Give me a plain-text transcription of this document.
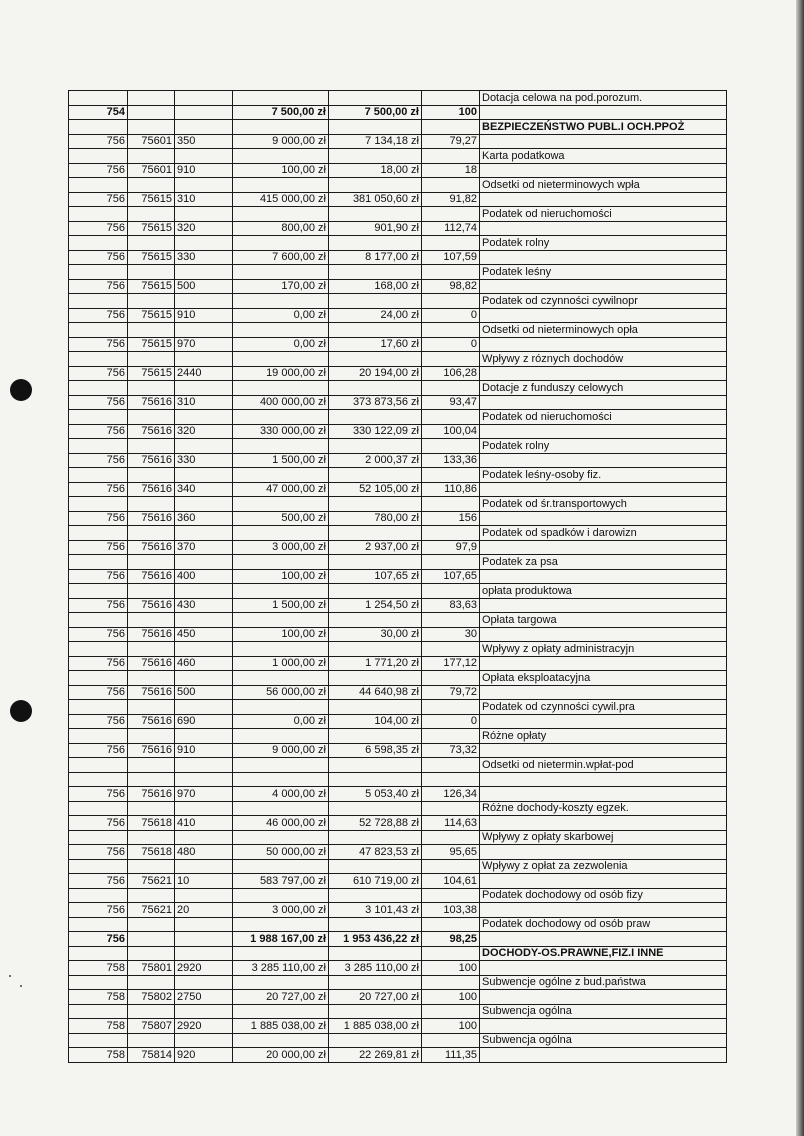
						Dotacja celowa na pod.porozum.
754			7 500,00 zł	7 500,00 zł	100	
						BEZPIECZEŃSTWO PUBL.I OCH.PPOŻ
756	75601	350	9 000,00 zł	7 134,18 zł	79,27	
						Karta podatkowa
756	75601	910	100,00 zł	18,00 zł	18	
						Odsetki od nieterminowych wpła
756	75615	310	415 000,00 zł	381 050,60 zł	91,82	
						Podatek od nieruchomości
756	75615	320	800,00 zł	901,90 zł	112,74	
						Podatek rolny
756	75615	330	7 600,00 zł	8 177,00 zł	107,59	
						Podatek leśny
756	75615	500	170,00 zł	168,00 zł	98,82	
						Podatek od czynności cywilnopr
756	75615	910	0,00 zł	24,00 zł	0	
						Odsetki od nieterminowych opła
756	75615	970	0,00 zł	17,60 zł	0	
						Wpływy z róznych dochodów
756	75615	2440	19 000,00 zł	20 194,00 zł	106,28	
						Dotacje z funduszy celowych
756	75616	310	400 000,00 zł	373 873,56 zł	93,47	
						Podatek od nieruchomości
756	75616	320	330 000,00 zł	330 122,09 zł	100,04	
						Podatek rolny
756	75616	330	1 500,00 zł	2 000,37 zł	133,36	
						Podatek leśny-osoby fiz.
756	75616	340	47 000,00 zł	52 105,00 zł	110,86	
						Podatek od śr.transportowych
756	75616	360	500,00 zł	780,00 zł	156	
						Podatek od spadków i darowizn
756	75616	370	3 000,00 zł	2 937,00 zł	97,9	
						Podatek za psa
756	75616	400	100,00 zł	107,65 zł	107,65	
						opłata produktowa
756	75616	430	1 500,00 zł	1 254,50 zł	83,63	
						Opłata targowa
756	75616	450	100,00 zł	30,00 zł	30	
						Wpływy z opłaty administracyjn
756	75616	460	1 000,00 zł	1 771,20 zł	177,12	
						Opłata eksploatacyjna
756	75616	500	56 000,00 zł	44 640,98 zł	79,72	
						Podatek od czynności cywil.pra
756	75616	690	0,00 zł	104,00 zł	0	
						Różne opłaty
756	75616	910	9 000,00 zł	6 598,35 zł	73,32	
						Odsetki od nietermin.wpłat-pod

756	75616	970	4 000,00 zł	5 053,40 zł	126,34	
						Różne dochody-koszty egzek.
756	75618	410	46 000,00 zł	52 728,88 zł	114,63	
						Wpływy z opłaty skarbowej
756	75618	480	50 000,00 zł	47 823,53 zł	95,65	
						Wpływy z opłat za zezwolenia
756	75621	10	583 797,00 zł	610 719,00 zł	104,61	
						Podatek dochodowy od osób fizy
756	75621	20	3 000,00 zł	3 101,43 zł	103,38	
						Podatek dochodowy od osób praw
756			1 988 167,00 zł	1 953 436,22 zł	98,25	
						DOCHODY-OS.PRAWNE,FIZ.I INNE
758	75801	2920	3 285 110,00 zł	3 285 110,00 zł	100	
						Subwencje ogólne z bud.państwa
758	75802	2750	20 727,00 zł	20 727,00 zł	100	
						Subwencja ogólna
758	75807	2920	1 885 038,00 zł	1 885 038,00 zł	100	
						Subwencja ogólna
758	75814	920	20 000,00 zł	22 269,81 zł	111,35	
